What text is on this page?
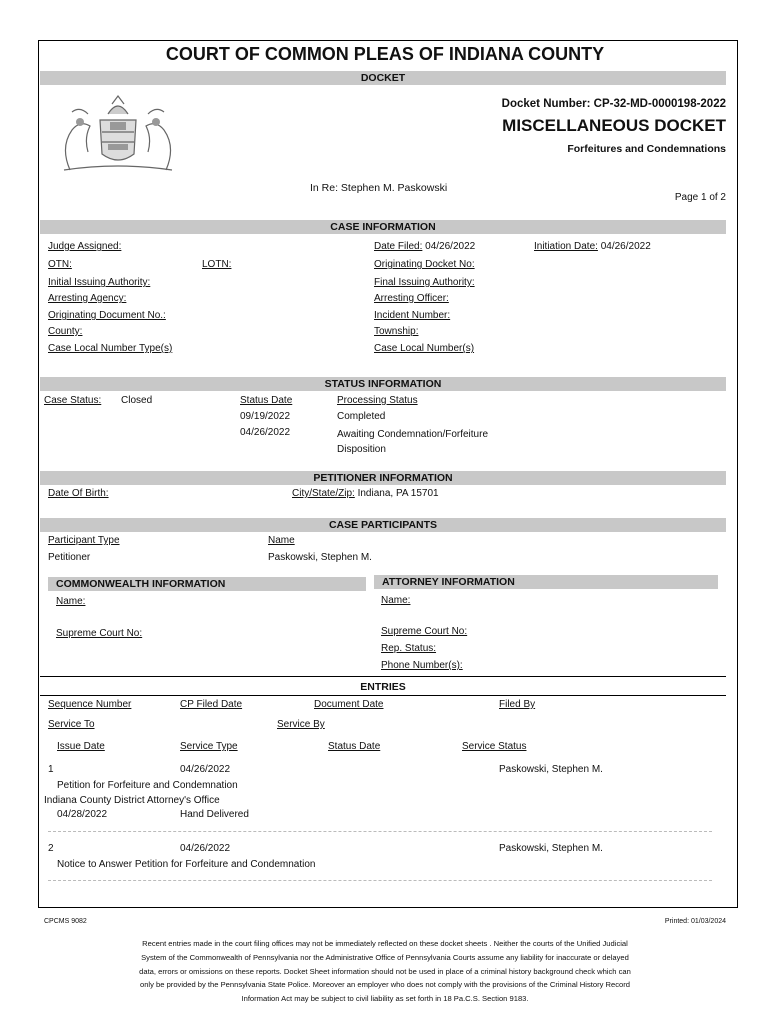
COURT OF COMMON PLEAS OF INDIANA COUNTY
DOCKET
Docket Number: CP-32-MD-0000198-2022
MISCELLANEOUS DOCKET
Forfeitures and Condemnations
In Re: Stephen M. Paskowski
Page 1 of 2
CASE INFORMATION
Judge Assigned:	Date Filed: 04/26/2022	Initiation Date: 04/26/2022
OTN:	LOTN:	Originating Docket No:
Initial Issuing Authority:	Final Issuing Authority:
Arresting Agency:	Arresting Officer:
Originating Document No.:	Incident Number:
County:	Township:
Case Local Number Type(s)	Case Local Number(s)
STATUS INFORMATION
Case Status: Closed	Status Date	Processing Status
09/19/2022	Completed
04/26/2022	Awaiting Condemnation/Forfeiture
Disposition
PETITIONER INFORMATION
Date Of Birth:	City/State/Zip: Indiana, PA 15701
CASE PARTICIPANTS
Participant Type	Name
Petitioner	Paskowski, Stephen M.
COMMONWEALTH INFORMATION	ATTORNEY INFORMATION
Name:	Name:
Supreme Court No:	Supreme Court No:
Rep. Status:
Phone Number(s):
ENTRIES
Sequence Number	CP Filed Date	Document Date	Filed By
Service To	Service By
Issue Date	Service Type	Status Date	Service Status
1	04/26/2022	Paskowski, Stephen M.
Petition for Forfeiture and Condemnation
Indiana County District Attorney's Office
04/28/2022	Hand Delivered
2	04/26/2022	Paskowski, Stephen M.
Notice to Answer Petition for Forfeiture and Condemnation
CPCMS 9082	Printed: 01/03/2024
Recent entries made in the court filing offices may not be immediately reflected on these docket sheets . Neither the courts of the Unified Judicial
System of the Commonwealth of Pennsylvania nor the Administrative Office of Pennsylvania Courts assume any liability for inaccurate or delayed
data, errors or omissions on these reports. Docket Sheet information should not be used in place of a criminal history background check which can
only be provided by the Pennsylvania State Police. Moreover an employer who does not comply with the provisions of the Criminal History Record
Information Act may be subject to civil liability as set forth in 18 Pa.C.S. Section 9183.
